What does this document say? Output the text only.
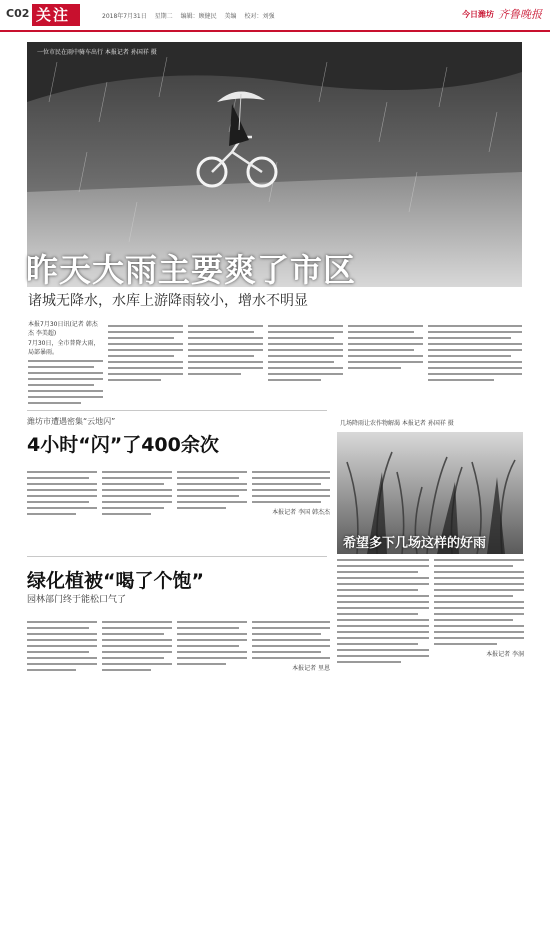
C02 关注	2018年7月31日 星期二 编辑：顾健民 美编 校对：刘强	今日潍坊 齐鲁晚报
一位市民在雨中骑车出行 本报记者 孙国祥 摄
昨天大雨主要爽了市区
诸城无降水，水库上游降雨较小，增水不明显
本报7月30日讯(记者 韩杰杰 李美超)
7月30日，全市普降大雨，局部暴雨。
潍坊市遭遇密集“云地闪”
4小时“闪”了400余次
本报记者 李国 韩杰杰
几场降雨让农作物解渴 本报记者 孙国祥 摄
希望多下几场这样的好雨
本报记者 李洞
绿化植被“喝了个饱”
园林部门终于能松口气了
本报记者 里恩
